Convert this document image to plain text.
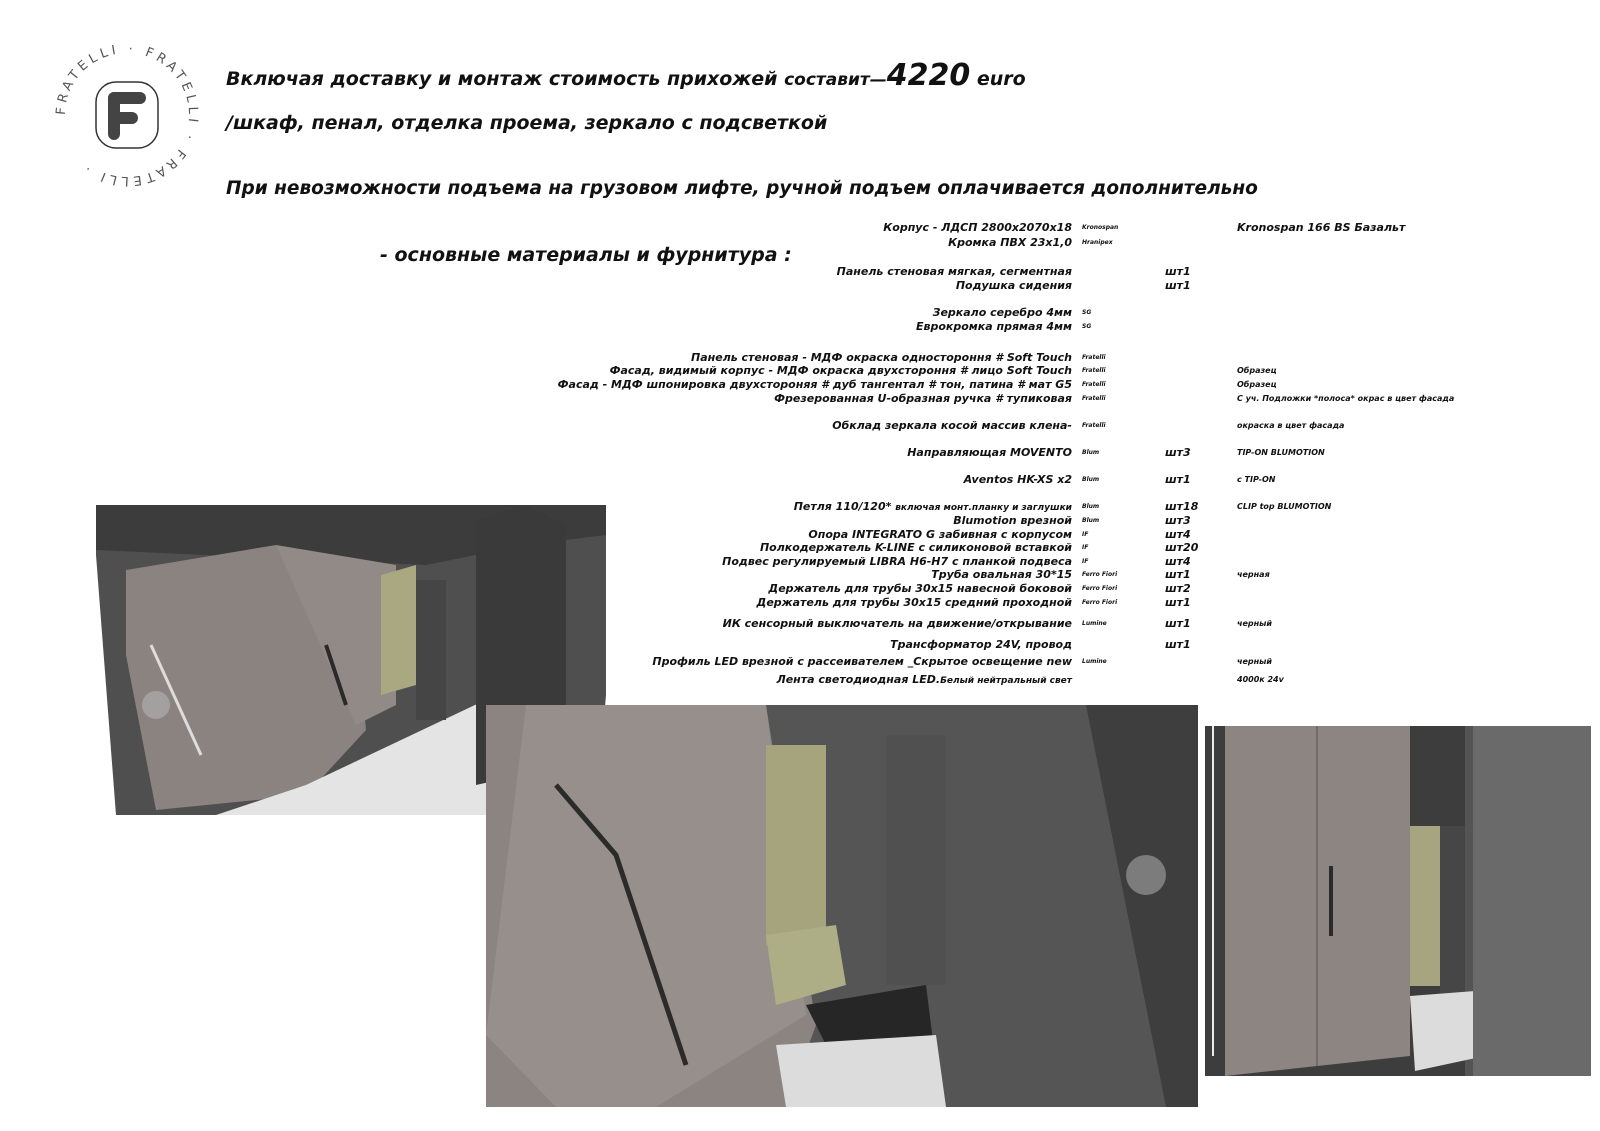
FRATELLI · FRATELLI · FRATELLI ·
Включая доставку и монтаж стоимость прихожей составит—4220 euro
/шкаф, пенал, отделка проема, зеркало с подсветкой
При невозможности подъема на грузовом лифте, ручной подъем оплачивается дополнительно
- основные материалы и фурнитура :
Корпус - ЛДСП 2800х2070х18 Kronospan	Kronospan 166 BS Базальт
Кромка ПВХ 23х1,0 Hranipex
Панель стеновая мягкая, сегментная	шт1
Подушка сидения	шт1
Зеркало серебро 4мм SG
Еврокромка прямая 4мм SG
Панель стеновая - МДФ окраска одностороння # Soft Touch Fratelli
Фасад, видимый корпус - МДФ окраска двухстороння # лицо Soft Touch Fratelli	Образец
Фасад - МДФ шпонировка двухстороняя # дуб тангентал # тон, патина # мат G5 Fratelli	Образец
Фрезерованная U-образная ручка # тупиковая Fratelli	С уч. Подложки *полоса* окрас в цвет фасада
Обклад зеркала косой массив клена- Fratelli	окраска в цвет фасада
Направляющая MOVENTO Blum	шт3	TIP-ON BLUMOTION
Aventos HK-XS x2 Blum	шт1	с TIP-ON
Петля 110/120* включая монт.планку и заглушки Blum	шт18	CLIP top BLUMOTION
Blumotion врезной Blum	шт3
Опора INTEGRATO G забивная с корпусом IF	шт4
Полкодержатель K-LINE с силиконовой вставкой IF	шт20
Подвес регулируемый LIBRA H6-H7 с планкой подвеса IF	шт4
Труба овальная 30*15 Ferro Fiori	шт1	черная
Держатель для трубы 30х15 навесной боковой Ferro Fiori	шт2
Держатель для трубы 30х15 средний проходной Ferro Fiori	шт1
ИК сенсорный выключатель на движение/открывание Lumine	шт1	черный
Трансформатор 24V, провод	шт1
Профиль LED врезной с рассеивателем _Скрытое освещение new Lumine	черный
Лента светодиодная LED.Белый нейтральный свет	4000к 24v
